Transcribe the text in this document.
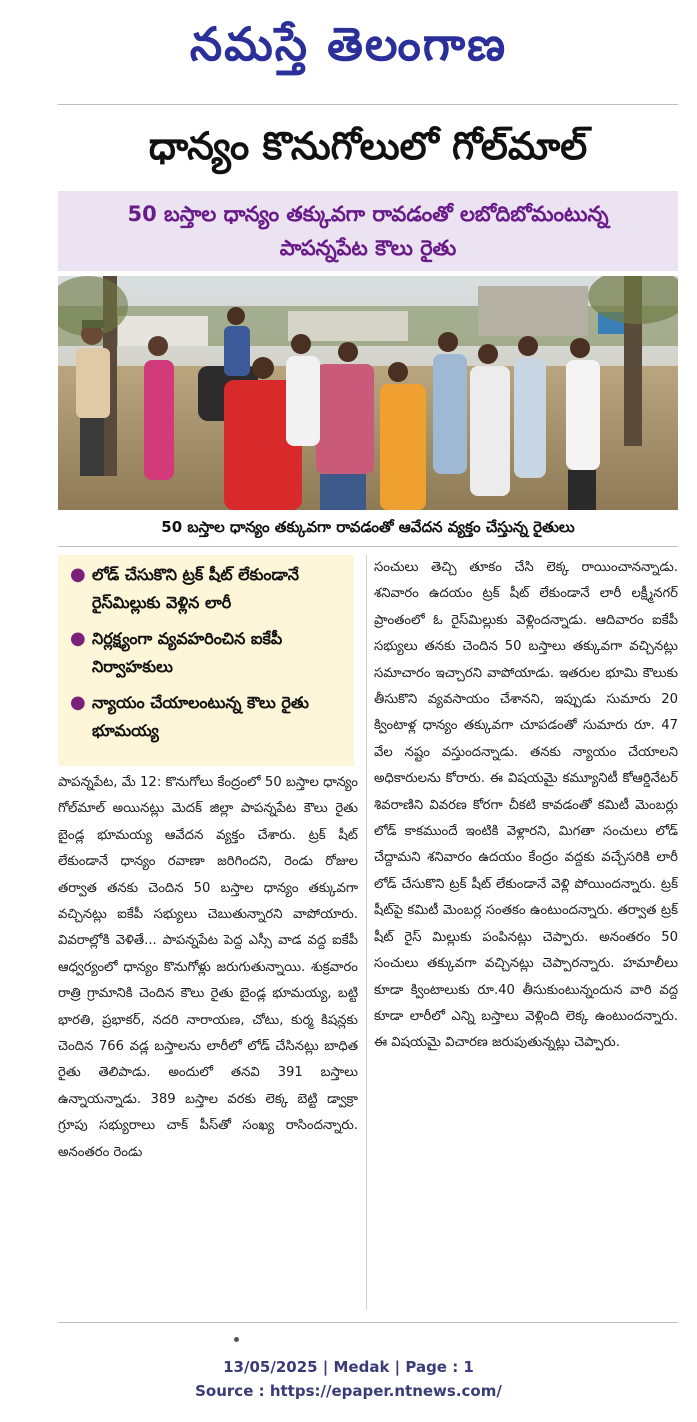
నమస్తే తెలంగాణ
ధాన్యం కొనుగోలులో గోల్‌మాల్‌
50 బస్తాల ధాన్యం తక్కువగా రావడంతో లబోదిబోమంటున్న
పాపన్నపేట కౌలు రైతు
50 బస్తాల ధాన్యం తక్కువగా రావడంతో ఆవేదన వ్యక్తం చేస్తున్న రైతులు
● లోడ్‌ చేసుకొని ట్రక్‌ షీట్‌ లేకుండానే రైస్‌మిల్లుకు వెళ్లిన లారీ
● నిర్లక్ష్యంగా వ్యవహరించిన ఐకేపీ నిర్వాహకులు
● న్యాయం చేయాలంటున్న కౌలు రైతు భూమయ్య

పాపన్నపేట, మే 12: కొనుగోలు కేంద్రంలో 50 బస్తాల ధాన్యం గోల్‌మాల్‌ అయినట్లు మెదక్‌ జిల్లా పాపన్నపేట కౌలు రైతు బైండ్ల భూమయ్య ఆవేదన వ్యక్తం చేశారు. ట్రక్‌ షీట్‌ లేకుండానే ధాన్యం రవాణా జరిగిందని, రెండు రోజుల తర్వాత తనకు చెందిన 50 బస్తాల ధాన్యం తక్కువగా వచ్చినట్లు ఐకేపీ సభ్యులు చెబుతున్నారని వాపోయారు. వివరాల్లోకి వెళితే... పాపన్నపేట పెద్ద ఎస్సీ వాడ వద్ద ఐకేపీ ఆధ్వర్యంలో ధాన్యం కొనుగోళ్లు జరుగుతున్నాయి. శుక్రవారం రాత్రి గ్రామానికి చెందిన కౌలు రైతు బైండ్ల భూమయ్య, బట్టి భారతి, ప్రభాకర్‌, నదరి నారాయణ, చోటు, కుర్మ కిషన్లకు చెందిన 766 వడ్ల బస్తాలను లారీలో లోడ్‌ చేసినట్లు బాధిత రైతు తెలిపాడు. అందులో తనవి 391 బస్తాలు ఉన్నాయన్నాడు. 389 బస్తాల వరకు లెక్క బెట్టి డ్వాక్రా గ్రూపు సభ్యురాలు చాక్‌ పీస్‌తో సంఖ్య రాసిందన్నారు. అనంతరం రెండు

సంచులు తెచ్చి తూకం చేసి లెక్క రాయించానన్నాడు. శనివారం ఉదయం ట్రక్‌ షీట్‌ లేకుండానే లారీ లక్ష్మీనగర్‌ ప్రాంతంలో ఓ రైస్‌మిల్లుకు వెళ్లిందన్నాడు. ఆదివారం ఐకేపీ సభ్యులు తనకు చెందిన 50 బస్తాలు తక్కువగా వచ్చినట్లు సమాచారం ఇచ్చారని వాపోయాడు. ఇతరుల భూమి కౌలుకు తీసుకొని వ్యవసాయం చేశానని, ఇప్పుడు సుమారు 20 క్వింటాళ్ల ధాన్యం తక్కువగా చూపడంతో సుమారు రూ. 47 వేల నష్టం వస్తుందన్నాడు. తనకు న్యాయం చేయాలని అధికారులను కోరారు. ఈ విషయమై కమ్యూనిటీ కోఆర్డినేటర్‌ శివరాణిని వివరణ కోరగా చీకటి కావడంతో కమిటీ మెంబర్లు లోడ్‌ కాకముందే ఇంటికి వెళ్లారని, మిగతా సంచులు లోడ్‌ చేద్దామని శనివారం ఉదయం కేంద్రం వద్దకు వచ్చేసరికి లారీ లోడ్‌ చేసుకొని ట్రక్‌ షీట్‌ లేకుండానే వెళ్లి పోయిందన్నారు. ట్రక్‌ షీట్‌పై కమిటీ మెంబర్ల సంతకం ఉంటుందన్నారు. తర్వాత ట్రక్‌ షీట్‌ రైస్‌ మిల్లుకు పంపినట్లు చెప్పారు. అనంతరం 50 సంచులు తక్కువగా వచ్చినట్లు చెప్పారన్నారు. హమాలీలు కూడా క్వింటాలుకు రూ.40 తీసుకుంటున్నందున వారి వద్ద కూడా లారీలో ఎన్ని బస్తాలు వెళ్లింది లెక్క ఉంటుందన్నారు. ఈ విషయమై విచారణ జరుపుతున్నట్లు చెప్పారు.

13/05/2025 | Medak | Page : 1
Source : https://epaper.ntnews.com/
